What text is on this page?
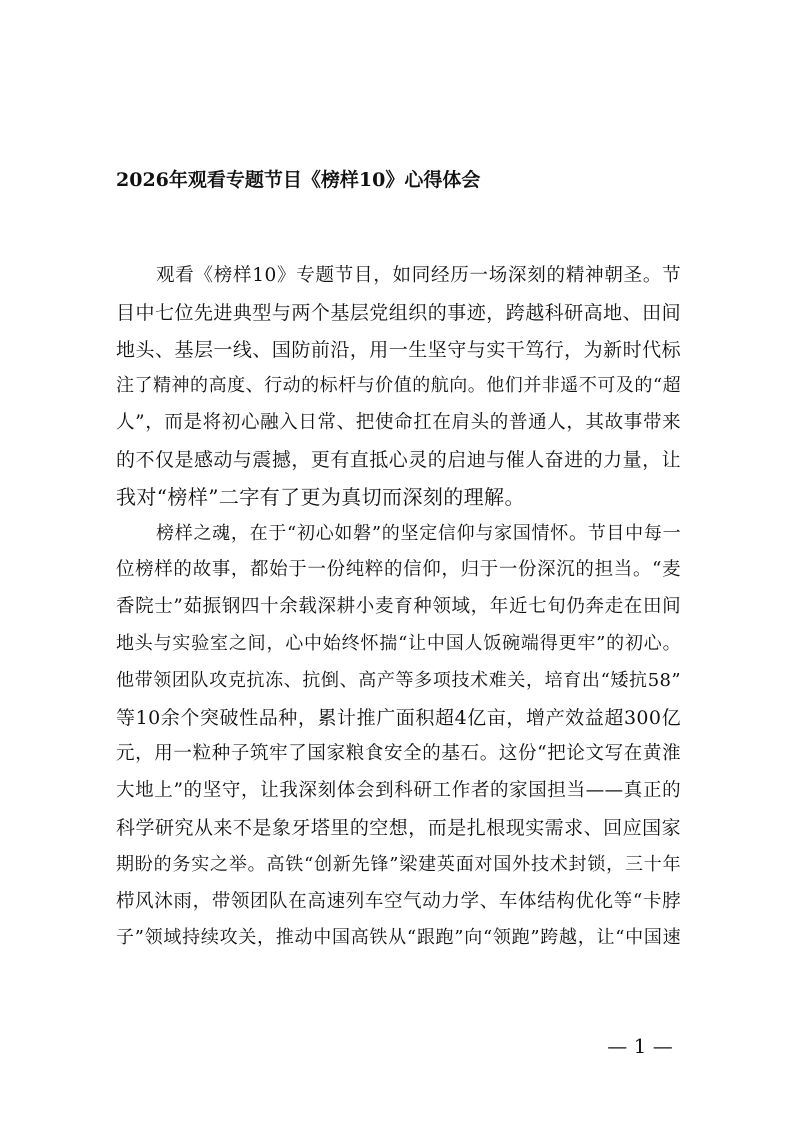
2026年观看专题节目《榜样10》心得体会
观看《榜样10》专题节目，如同经历一场深刻的精神朝圣。节
目中七位先进典型与两个基层党组织的事迹，跨越科研高地、田间
地头、基层一线、国防前沿，用一生坚守与实干笃行，为新时代标
注了精神的高度、行动的标杆与价值的航向。他们并非遥不可及的“超
人”，而是将初心融入日常、把使命扛在肩头的普通人，其故事带来
的不仅是感动与震撼，更有直抵心灵的启迪与催人奋进的力量，让
我对“榜样”二字有了更为真切而深刻的理解。
榜样之魂，在于“初心如磐”的坚定信仰与家国情怀。节目中每一
位榜样的故事，都始于一份纯粹的信仰，归于一份深沉的担当。“麦
香院士”茹振钢四十余载深耕小麦育种领域，年近七旬仍奔走在田间
地头与实验室之间，心中始终怀揣“让中国人饭碗端得更牢”的初心。
他带领团队攻克抗冻、抗倒、高产等多项技术难关，培育出“矮抗58”
等10余个突破性品种，累计推广面积超4亿亩，增产效益超300亿
元，用一粒种子筑牢了国家粮食安全的基石。这份“把论文写在黄淮
大地上”的坚守，让我深刻体会到科研工作者的家国担当——真正的
科学研究从来不是象牙塔里的空想，而是扎根现实需求、回应国家
期盼的务实之举。高铁“创新先锋”梁建英面对国外技术封锁，三十年
栉风沐雨，带领团队在高速列车空气动力学、车体结构优化等“卡脖
子”领域持续攻关，推动中国高铁从“跟跑”向“领跑”跨越，让“中国速
— 1 —
